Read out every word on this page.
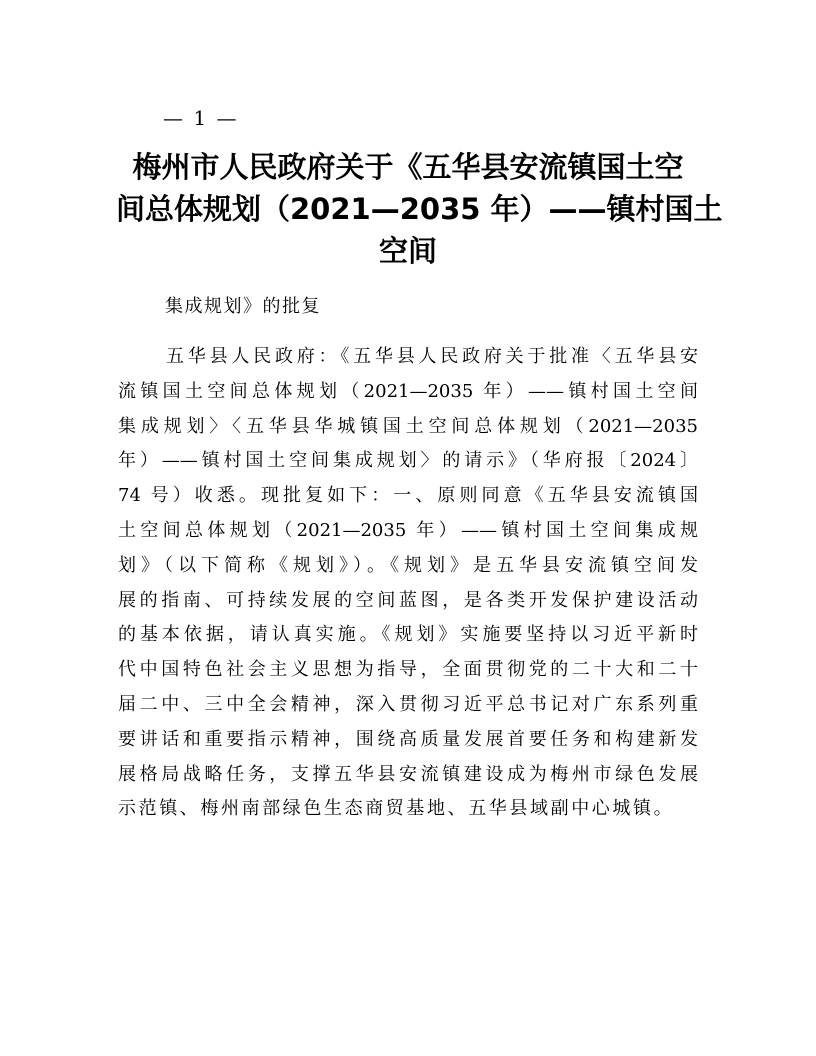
— 1 —
梅州市人民政府关于《五华县安流镇国土空
间总体规划（2021—2035 年）——镇村国土
空间
集成规划》的批复
五华县人民政府：《五华县人民政府关于批准〈五华县安
流镇国土空间总体规划（2021—2035 年）——镇村国土空间
集成规划〉〈五华县华城镇国土空间总体规划（2021—2035
年）——镇村国土空间集成规划〉的请示》（华府报〔2024〕
74 号）收悉。现批复如下：一、原则同意《五华县安流镇国
土空间总体规划（2021—2035 年）——镇村国土空间集成规
划》（以下简称《规划》）。《规划》是五华县安流镇空间发
展的指南、可持续发展的空间蓝图，是各类开发保护建设活动
的基本依据，请认真实施。《规划》实施要坚持以习近平新时
代中国特色社会主义思想为指导，全面贯彻党的二十大和二十
届二中、三中全会精神，深入贯彻习近平总书记对广东系列重
要讲话和重要指示精神，围绕高质量发展首要任务和构建新发
展格局战略任务，支撑五华县安流镇建设成为梅州市绿色发展
示范镇、梅州南部绿色生态商贸基地、五华县域副中心城镇。
